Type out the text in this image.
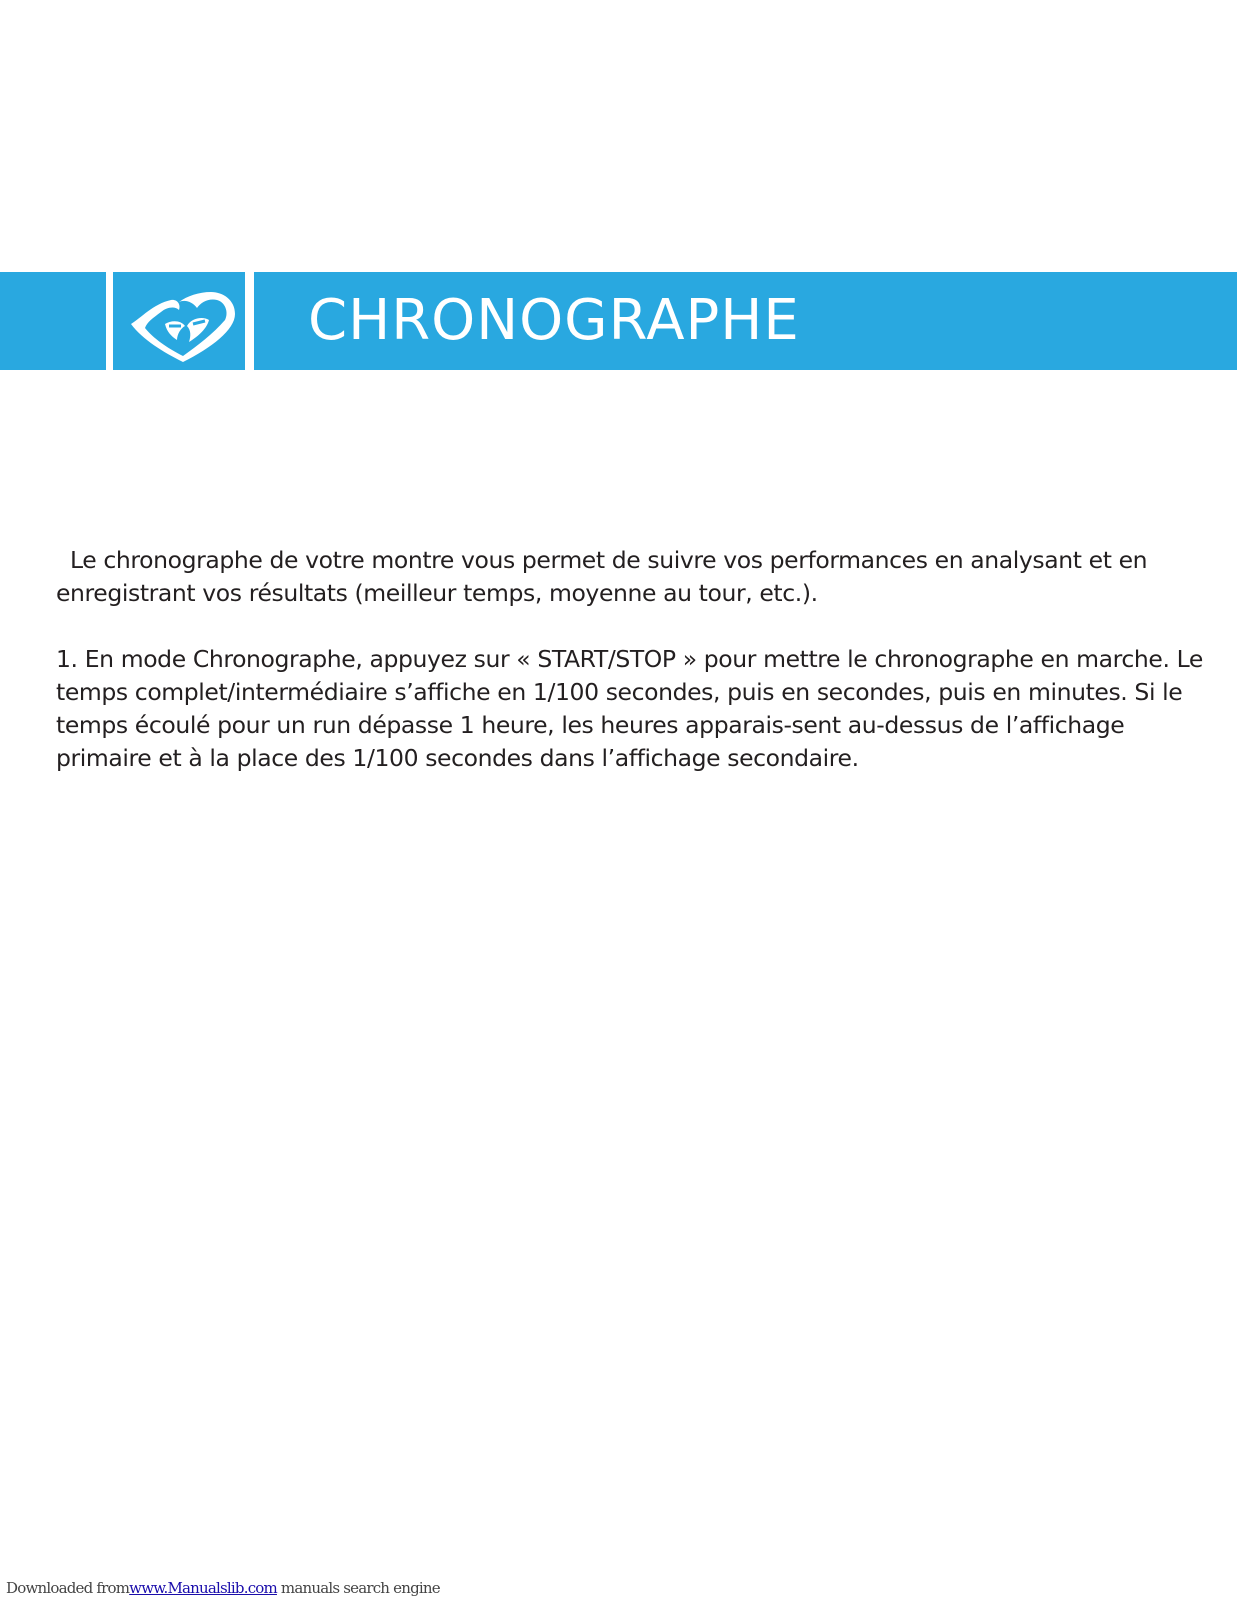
CHRONOGRAPHE

Le chronographe de votre montre vous permet de suivre vos performances en analysant et en enregistrant vos résultats (meilleur temps, moyenne au tour, etc.).

1. En mode Chronographe, appuyez sur « START/STOP » pour mettre le chronographe en marche. Le temps complet/intermédiaire s’affiche en 1/100 secondes, puis en secondes, puis en minutes. Si le temps écoulé pour un run dépasse 1 heure, les heures apparais-sent au-dessus de l’affichage primaire et à la place des 1/100 secondes dans l’affichage secondaire.

Downloaded fromwww.Manualslib.com manuals search engine
